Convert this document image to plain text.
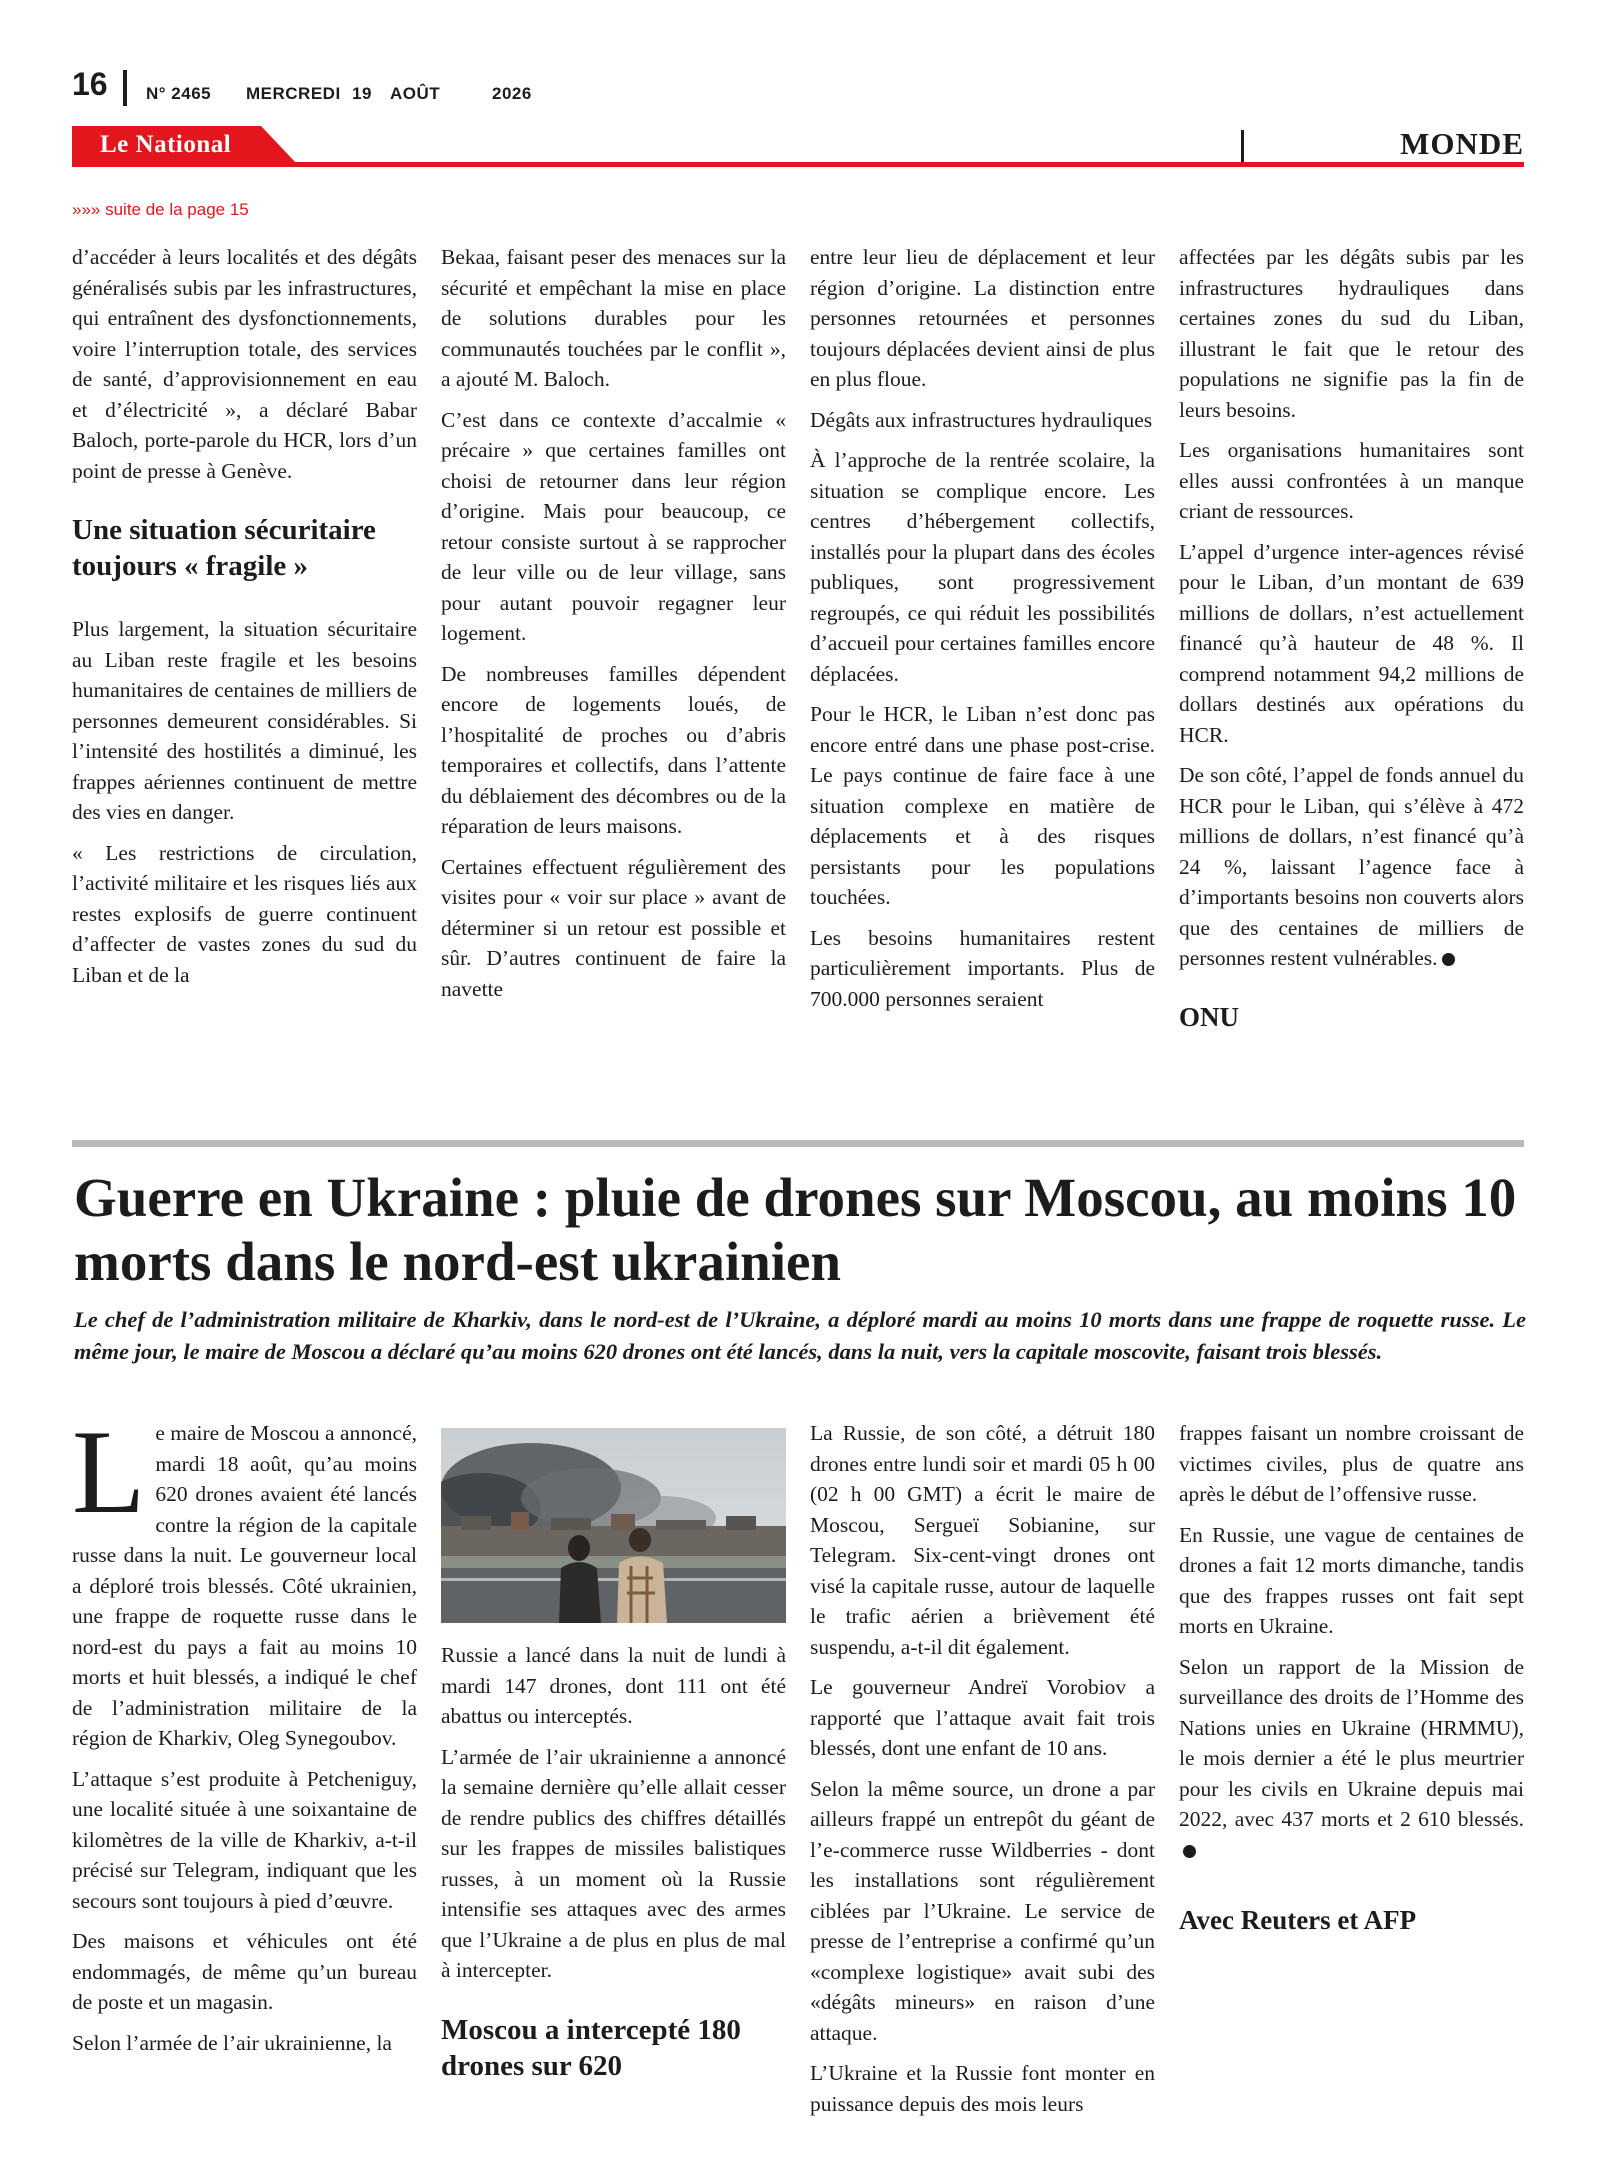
16 N° 2465 MERCREDI 19 AOÛT	2026
Le National	MONDE
»»» suite de la page 15

d’accéder à leurs localités et des dégâts généralisés subis par les infrastructures, qui entraînent des dysfonctionnements, voire l’interruption totale, des services de santé, d’approvisionnement en eau et d’électricité », a déclaré Babar Baloch, porte-parole du HCR, lors d’un point de presse à Genève.

Une situation sécuritaire toujours « fragile »

Plus largement, la situation sécuritaire au Liban reste fragile et les besoins humanitaires de centaines de milliers de personnes demeurent considérables. Si l’intensité des hostilités a diminué, les frappes aériennes continuent de mettre des vies en danger.

« Les restrictions de circulation, l’activité militaire et les risques liés aux restes explosifs de guerre continuent d’affecter de vastes zones du sud du Liban et de la

Bekaa, faisant peser des menaces sur la sécurité et empêchant la mise en place de solutions durables pour les communautés touchées par le conflit », a ajouté M. Baloch.

C’est dans ce contexte d’accalmie « précaire » que certaines familles ont choisi de retourner dans leur région d’origine. Mais pour beaucoup, ce retour consiste surtout à se rapprocher de leur ville ou de leur village, sans pour autant pouvoir regagner leur logement.

De nombreuses familles dépendent encore de logements loués, de l’hospitalité de proches ou d’abris temporaires et collectifs, dans l’attente du déblaiement des décombres ou de la réparation de leurs maisons.

Certaines effectuent régulièrement des visites pour « voir sur place » avant de déterminer si un retour est possible et sûr. D’autres continuent de faire la navette

entre leur lieu de déplacement et leur région d’origine. La distinction entre personnes retournées et personnes toujours déplacées devient ainsi de plus en plus floue.

Dégâts aux infrastructures hydrauliques

À l’approche de la rentrée scolaire, la situation se complique encore. Les centres d’hébergement collectifs, installés pour la plupart dans des écoles publiques, sont progressivement regroupés, ce qui réduit les possibilités d’accueil pour certaines familles encore déplacées.

Pour le HCR, le Liban n’est donc pas encore entré dans une phase post-crise. Le pays continue de faire face à une situation complexe en matière de déplacements et à des risques persistants pour les populations touchées.

Les besoins humanitaires restent particulièrement importants. Plus de 700.000 personnes seraient

affectées par les dégâts subis par les infrastructures hydrauliques dans certaines zones du sud du Liban, illustrant le fait que le retour des populations ne signifie pas la fin de leurs besoins.

Les organisations humanitaires sont elles aussi confrontées à un manque criant de ressources.

L’appel d’urgence inter-agences révisé pour le Liban, d’un montant de 639 millions de dollars, n’est actuellement financé qu’à hauteur de 48 %. Il comprend notamment 94,2 millions de dollars destinés aux opérations du HCR.

De son côté, l’appel de fonds annuel du HCR pour le Liban, qui s’élève à 472 millions de dollars, n’est financé qu’à 24 %, laissant l’agence face à d’importants besoins non couverts alors que des centaines de milliers de personnes restent vulnérables.

ONU
Guerre en Ukraine : pluie de drones sur Moscou, au moins 10 morts dans le nord-est ukrainien
Le chef de l’administration militaire de Kharkiv, dans le nord-est de l’Ukraine, a déploré mardi au moins 10 morts dans une frappe de roquette russe. Le même jour, le maire de Moscou a déclaré qu’au moins 620 drones ont été lancés, dans la nuit, vers la capitale moscovite, faisant trois blessés.

Le maire de Moscou a annoncé, mardi 18 août, qu’au moins 620 drones avaient été lancés contre la région de la capitale russe dans la nuit. Le gouverneur local a déploré trois blessés. Côté ukrainien, une frappe de roquette russe dans le nord-est du pays a fait au moins 10 morts et huit blessés, a indiqué le chef de l’administration militaire de la région de Kharkiv, Oleg Synegoubov.

L’attaque s’est produite à Petcheniguy, une localité située à une soixantaine de kilomètres de la ville de Kharkiv, a-t-il précisé sur Telegram, indiquant que les secours sont toujours à pied d’œuvre.

Des maisons et véhicules ont été endommagés, de même qu’un bureau de poste et un magasin.

Selon l’armée de l’air ukrainienne, la

Russie a lancé dans la nuit de lundi à mardi 147 drones, dont 111 ont été abattus ou interceptés.

L’armée de l’air ukrainienne a annoncé la semaine dernière qu’elle allait cesser de rendre publics des chiffres détaillés sur les frappes de missiles balistiques russes, à un moment où la Russie intensifie ses attaques avec des armes que l’Ukraine a de plus en plus de mal à intercepter.

Moscou a intercepté 180 drones sur 620

La Russie, de son côté, a détruit 180 drones entre lundi soir et mardi 05 h 00 (02 h 00 GMT) a écrit le maire de Moscou, Sergueï Sobianine, sur Telegram. Six-cent-vingt drones ont visé la capitale russe, autour de laquelle le trafic aérien a brièvement été suspendu, a-t-il dit également.

Le gouverneur Andreï Vorobiov a rapporté que l’attaque avait fait trois blessés, dont une enfant de 10 ans.

Selon la même source, un drone a par ailleurs frappé un entrepôt du géant de l’e-commerce russe Wildberries - dont les installations sont régulièrement ciblées par l’Ukraine. Le service de presse de l’entreprise a confirmé qu’un «complexe logistique» avait subi des «dégâts mineurs» en raison d’une attaque.

L’Ukraine et la Russie font monter en puissance depuis des mois leurs

frappes faisant un nombre croissant de victimes civiles, plus de quatre ans après le début de l’offensive russe.

En Russie, une vague de centaines de drones a fait 12 morts dimanche, tandis que des frappes russes ont fait sept morts en Ukraine.

Selon un rapport de la Mission de surveillance des droits de l’Homme des Nations unies en Ukraine (HRMMU), le mois dernier a été le plus meurtrier pour les civils en Ukraine depuis mai 2022, avec 437 morts et 2 610 blessés.

Avec Reuters et AFP
